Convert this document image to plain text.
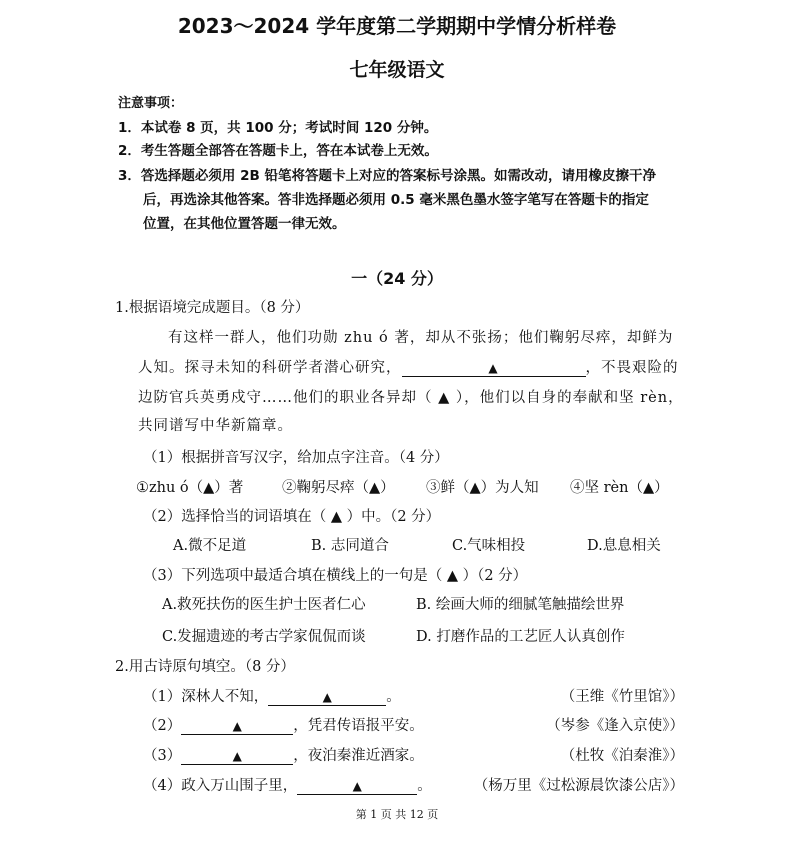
2023～2024 学年度第二学期期中学情分析样卷
七年级语文
注意事项：
1．本试卷 8 页，共 100 分；考试时间 120 分钟。
2．考生答题全部答在答题卡上，答在本试卷上无效。
3．答选择题必须用 2B 铅笔将答题卡上对应的答案标号涂黑。如需改动，请用橡皮擦干净
后，再选涂其他答案。答非选择题必须用 0.5 毫米黑色墨水签字笔写在答题卡的指定
位置，在其他位置答题一律无效。
一（24 分）
1.根据语境完成题目。（8 分）
有这样一群人，他们功勋 zhu ó 著，却从不张扬；他们鞠躬尽瘁，却鲜为
人知。探寻未知的科研学者潜心研究，	▲	，不畏艰险的
边防官兵英勇戍守……他们的职业各异却（ ▲ ），他们以自身的奉献和坚 rèn，
共同谱写中华新篇章。
（1）根据拼音写汉字，给加点字注音。（4 分）
①zhu ó（▲）著	②鞠躬尽瘁（▲） ③鲜（▲）为人知 ④坚 rèn（▲）
（2）选择恰当的词语填在（ ▲ ）中。（2 分）
A.微不足道	B. 志同道合	C.气味相投	D.息息相关
（3）下列选项中最适合填在横线上的一句是（ ▲ ）（2 分）
A.救死扶伤的医生护士医者仁心	B. 绘画大师的细腻笔触描绘世界
C.发掘遗迹的考古学家侃侃而谈	D. 打磨作品的工艺匠人认真创作
2.用古诗原句填空。（8 分）
（1）深林人不知，	▲	。	（王维《竹里馆》）
（2）	▲	，凭君传语报平安。	（岑参《逢入京使》）
（3）	▲	，夜泊秦淮近酒家。	（杜牧《泊秦淮》）
（4）政入万山围子里，	▲	。	（杨万里《过松源晨饮漆公店》）
第 1 页 共 12 页
